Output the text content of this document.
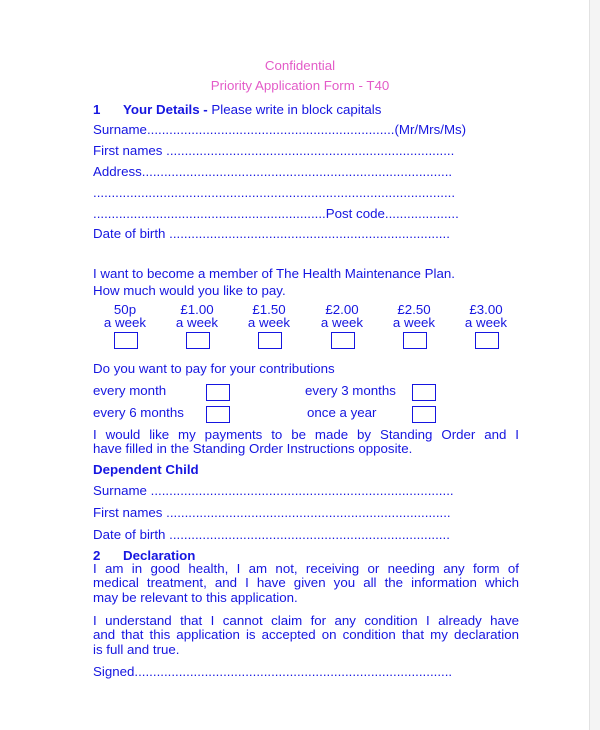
Confidential
Priority Application Form - T40
1 Your Details - Please write in block capitals
Surname...................................................................(Mr/Mrs/Ms)
First names ..............................................................................
Address....................................................................................
..................................................................................................
...............................................................Post code....................
Date of birth ............................................................................
I want to become a member of The Health Maintenance Plan.
How much would you like to pay.
50p
a week
£1.00
a week
£1.50
a week
£2.00
a week
£2.50
a week
£3.00
a week
Do you want to pay for your contributions
every month	every 3 months
every 6 months	once a year
I would like my payments to be made by Standing Order and I
have filled in the Standing Order Instructions opposite.
Dependent Child
Surname ..................................................................................
First names .............................................................................
Date of birth ............................................................................
2 Declaration
I am in good health, I am not, receiving or needing any form of
medical treatment, and I have given you all the information which
may be relevant to this application.
I understand that I cannot claim for any condition I already have
and that this application is accepted on condition that my declaration
is full and true.
Signed......................................................................................
